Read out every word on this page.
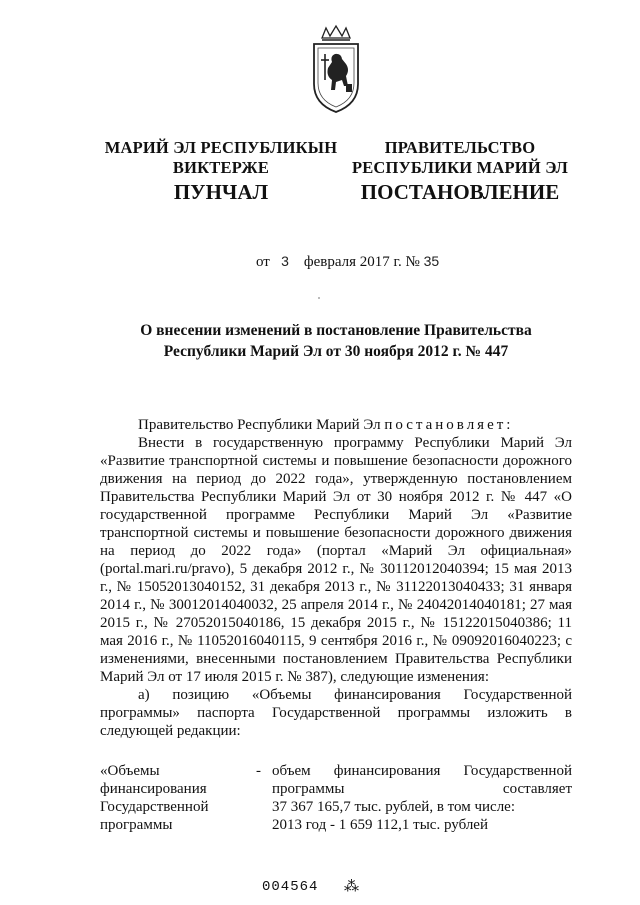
МАРИЙ ЭЛ РЕСПУБЛИКЫН
ВИКТЕРЖЕ
ПУНЧАЛ
ПРАВИТЕЛЬСТВО
РЕСПУБЛИКИ МАРИЙ ЭЛ
ПОСТАНОВЛЕНИЕ
от 3 февраля 2017 г. № 35
О внесении изменений в постановление Правительства
Республики Марий Эл от 30 ноября 2012 г. № 447
Правительство Республики Марий Эл постановляет:
Внести в государственную программу Республики Марий Эл «Развитие транспортной системы и повышение безопасности дорожного движения на период до 2022 года», утвержденную постановлением Правительства Республики Марий Эл от 30 ноября 2012 г. № 447 «О государственной программе Республики Марий Эл «Развитие транспортной системы и повышение безопасности дорожного движения на период до 2022 года» (портал «Марий Эл официальная» (portal.mari.ru/pravo), 5 декабря 2012 г., № 30112012040394; 15 мая 2013 г., № 15052013040152, 31 декабря 2013 г., № 31122013040433; 31 января 2014 г., № 30012014040032, 25 апреля 2014 г., № 24042014040181; 27 мая 2015 г., № 27052015040186, 15 декабря 2015 г., № 15122015040386; 11 мая 2016 г., № 11052016040115, 9 сентября 2016 г., № 09092016040223; с изменениями, внесенными постановлением Правительства Республики Марий Эл от 17 июля 2015 г. № 387), следующие изменения:
а) позицию «Объемы финансирования Государственной программы» паспорта Государственной программы изложить в следующей редакции:
«Объемы
финансирования
Государственной
программы
- объем финансирования Государственной
программы составляет
37 367 165,7 тыс. рублей, в том числе:
2013 год - 1 659 112,1 тыс. рублей
004564 ⁂
